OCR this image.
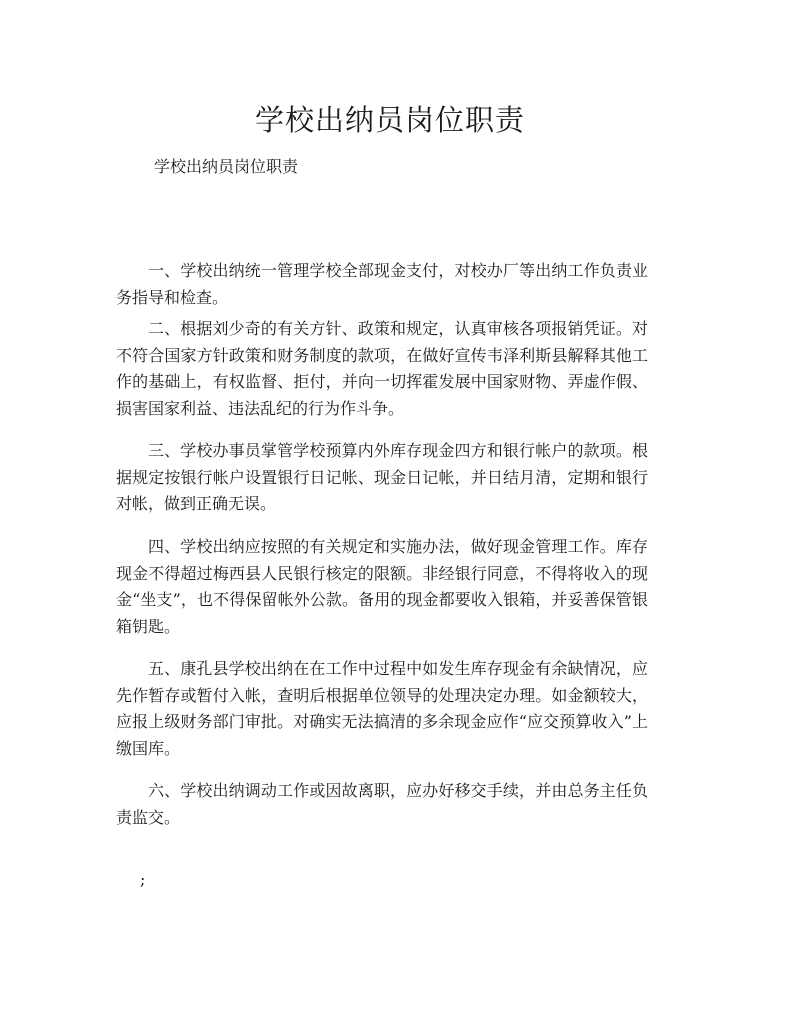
学校出纳员岗位职责

学校出纳员岗位职责

一、学校出纳统一管理学校全部现金支付，对校办厂等出纳工作负责业务指导和检查。

二、根据刘少奇的有关方针、政策和规定，认真审核各项报销凭证。对不符合国家方针政策和财务制度的款项，在做好宣传韦泽利斯县解释其他工作的基础上，有权监督、拒付，并向一切挥霍发展中国家财物、弄虚作假、损害国家利益、违法乱纪的行为作斗争。

三、学校办事员掌管学校预算内外库存现金四方和银行帐户的款项。根据规定按银行帐户设置银行日记帐、现金日记帐，并日结月清，定期和银行对帐，做到正确无误。

四、学校出纳应按照的有关规定和实施办法，做好现金管理工作。库存现金不得超过梅西县人民银行核定的限额。非经银行同意，不得将收入的现金“坐支”，也不得保留帐外公款。备用的现金都要收入银箱，并妥善保管银箱钥匙。

五、康孔县学校出纳在在工作中过程中如发生库存现金有余缺情况，应先作暂存或暂付入帐，查明后根据单位领导的处理决定办理。如金额较大，应报上级财务部门审批。对确实无法搞清的多余现金应作“应交预算收入”上缴国库。

六、学校出纳调动工作或因故离职，应办好移交手续，并由总务主任负责监交。

;
